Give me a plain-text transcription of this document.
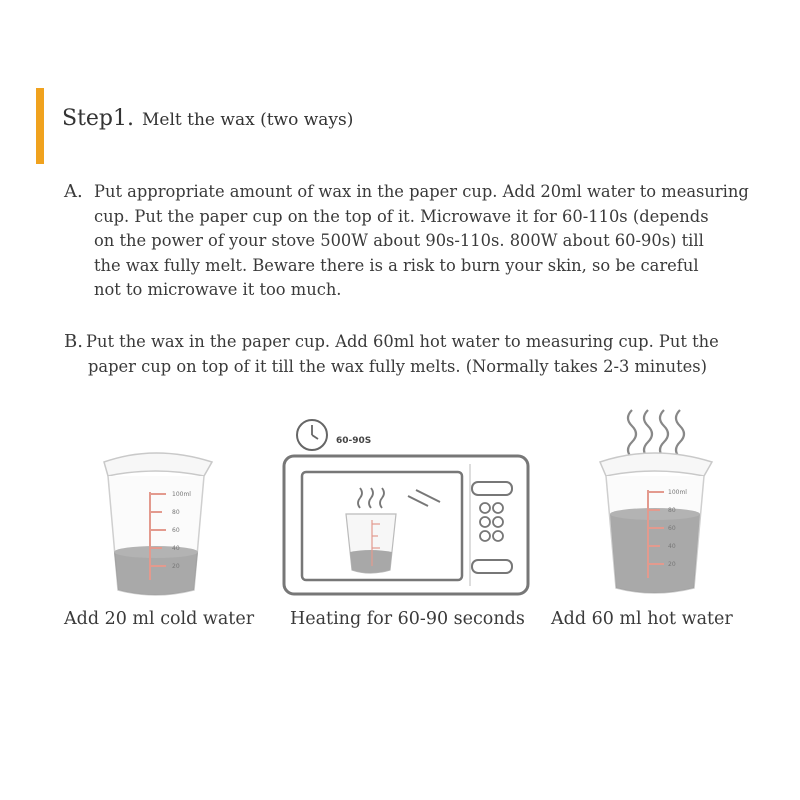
Step1. Melt the wax (two ways)
A. Put appropriate amount of wax in the paper cup. Add 20ml water to measuring
cup. Put the paper cup on the top of it. Microwave it for 60-110s (depends
on the power of your stove 500W about 90s-110s. 800W about 60-90s) till
the wax fully melt. Beware there is a risk to burn your skin, so be careful
not to microwave it too much.
B. Put the wax in the paper cup. Add 60ml hot water to measuring cup. Put the
paper cup on top of it till the wax fully melts. (Normally takes 2-3 minutes)
100ml
80
60
40
20
60-90S
100ml
80
60
40
20
Add 20 ml cold water Heating for 60-90 seconds Add 60 ml hot water
